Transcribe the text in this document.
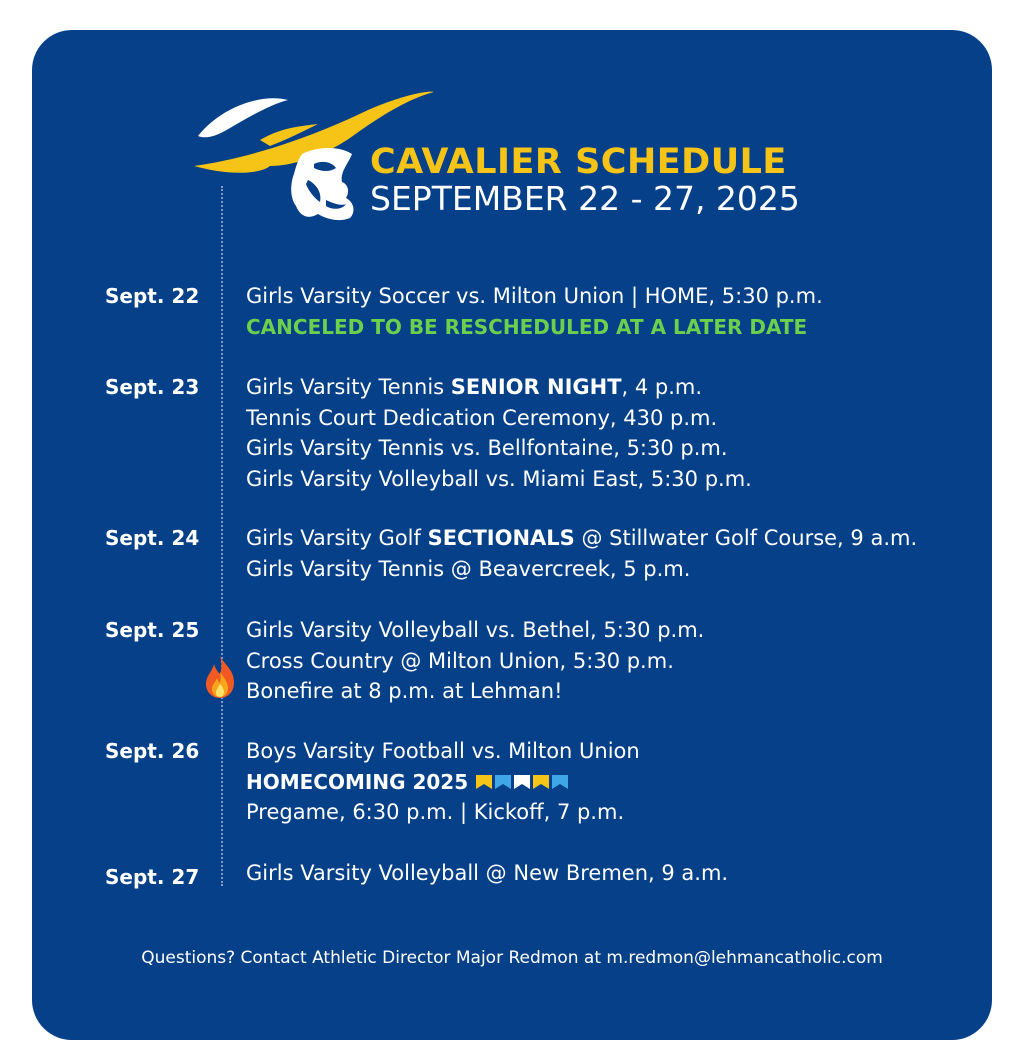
CAVALIER SCHEDULE
SEPTEMBER 22 - 27, 2025
Sept. 22 Girls Varsity Soccer vs. Milton Union | HOME, 5:30 p.m.
CANCELED TO BE RESCHEDULED AT A LATER DATE
Sept. 23 Girls Varsity Tennis SENIOR NIGHT, 4 p.m.
Tennis Court Dedication Ceremony, 430 p.m.
Girls Varsity Tennis vs. Bellfontaine, 5:30 p.m.
Girls Varsity Volleyball vs. Miami East, 5:30 p.m.
Sept. 24 Girls Varsity Golf SECTIONALS @ Stillwater Golf Course, 9 a.m.
Girls Varsity Tennis @ Beavercreek, 5 p.m.
Sept. 25 Girls Varsity Volleyball vs. Bethel, 5:30 p.m.
Cross Country @ Milton Union, 5:30 p.m.
Bonefire at 8 p.m. at Lehman!
Sept. 26 Boys Varsity Football vs. Milton Union
HOMECOMING 2025
Pregame, 6:30 p.m. | Kickoff, 7 p.m.
Sept. 27 Girls Varsity Volleyball @ New Bremen, 9 a.m.
Questions? Contact Athletic Director Major Redmon at m.redmon@lehmancatholic.com
